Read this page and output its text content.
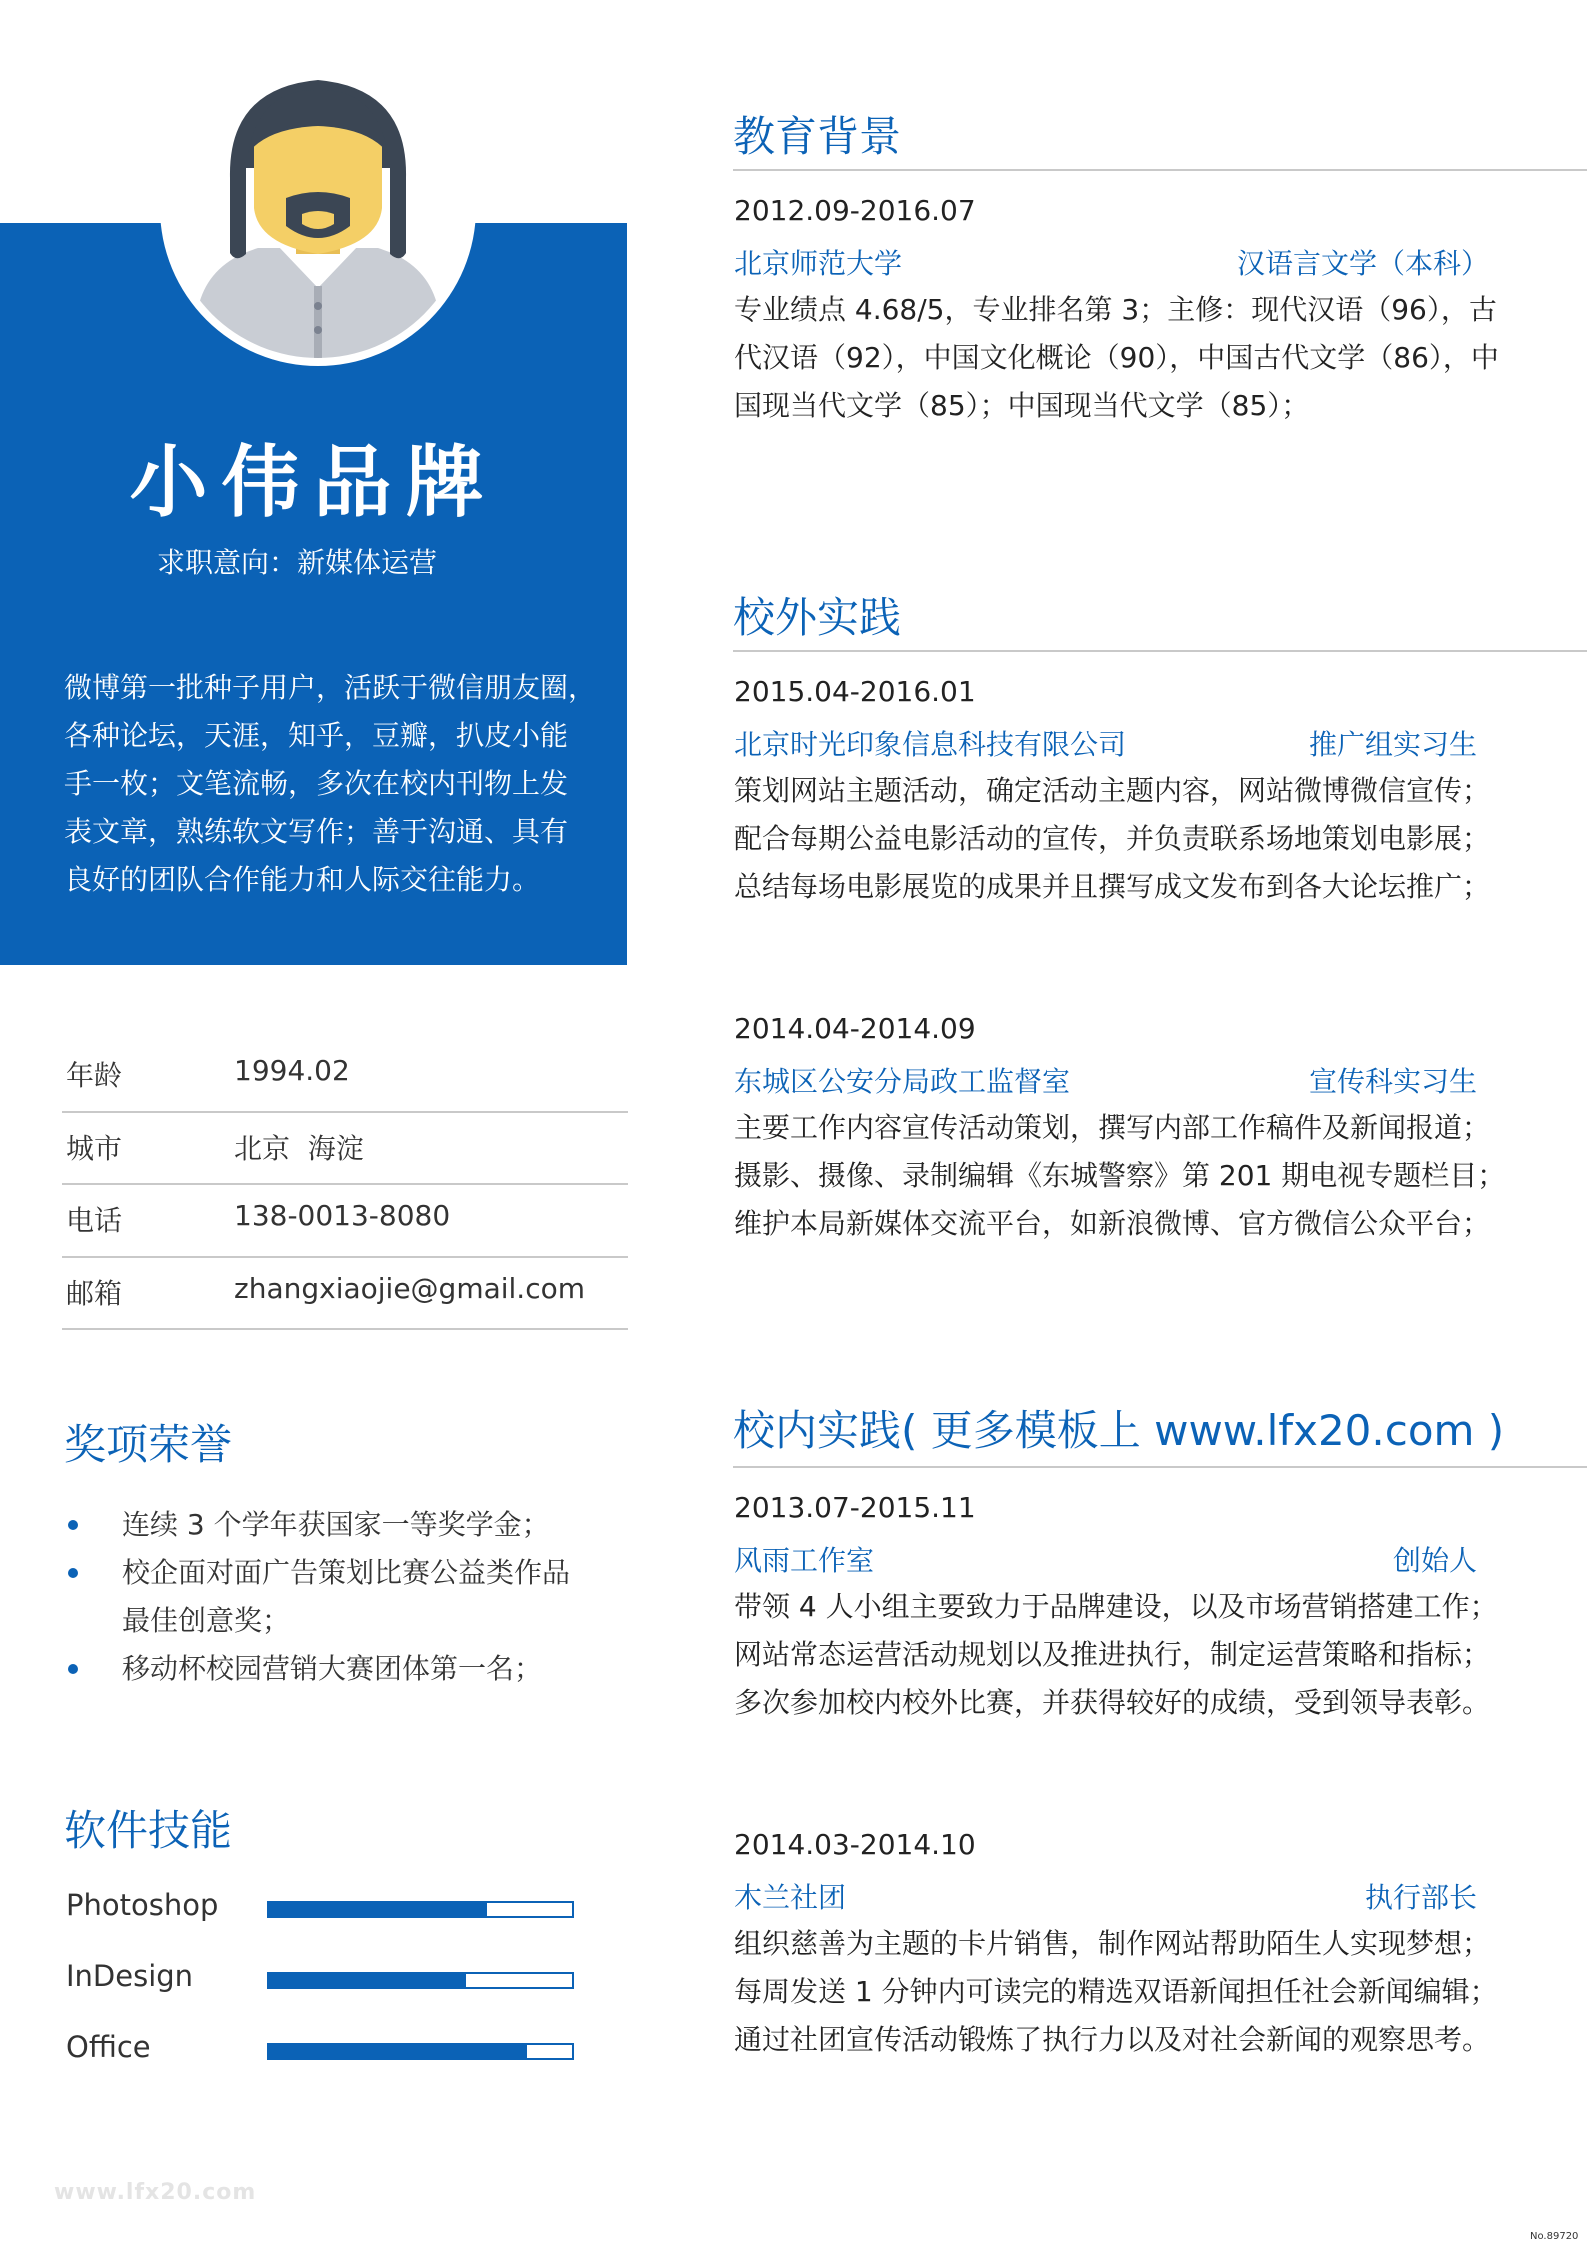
小伟品牌
求职意向：新媒体运营
微博第一批种子用户，活跃于微信朋友圈，
各种论坛，天涯，知乎，豆瓣，扒皮小能
手一枚；文笔流畅，多次在校内刊物上发
表文章，熟练软文写作；善于沟通、具有
良好的团队合作能力和人际交往能力。
年龄	1994.02
城市	北京  海淀
电话	138-0013-8080
邮箱	zhangxiaojie@gmail.com
奖项荣誉
连续 3 个学年获国家一等奖学金；
校企面对面广告策划比赛公益类作品
最佳创意奖；
移动杯校园营销大赛团体第一名；
软件技能
Photoshop
InDesign
Office
www.lfx20.com
教育背景
2012.09-2016.07
北京师范大学	汉语言文学（本科）
专业绩点 4.68/5，专业排名第 3；主修：现代汉语（96），古
代汉语（92），中国文化概论（90），中国古代文学（86），中
国现当代文学（85）；中国现当代文学（85）；
校外实践
2015.04-2016.01
北京时光印象信息科技有限公司	推广组实习生
策划网站主题活动，确定活动主题内容，网站微博微信宣传；
配合每期公益电影活动的宣传，并负责联系场地策划电影展；
总结每场电影展览的成果并且撰写成文发布到各大论坛推广；
2014.04-2014.09
东城区公安分局政工监督室	宣传科实习生
主要工作内容宣传活动策划，撰写内部工作稿件及新闻报道；
摄影、摄像、录制编辑《东城警察》第 201 期电视专题栏目；
维护本局新媒体交流平台，如新浪微博、官方微信公众平台；
校内实践( 更多模板上 www.lfx20.com )
2013.07-2015.11
风雨工作室	创始人
带领 4 人小组主要致力于品牌建设，以及市场营销搭建工作；
网站常态运营活动规划以及推进执行，制定运营策略和指标；
多次参加校内校外比赛，并获得较好的成绩，受到领导表彰。
2014.03-2014.10
木兰社团	执行部长
组织慈善为主题的卡片销售，制作网站帮助陌生人实现梦想；
每周发送 1 分钟内可读完的精选双语新闻担任社会新闻编辑；
通过社团宣传活动锻炼了执行力以及对社会新闻的观察思考。
No.89720
